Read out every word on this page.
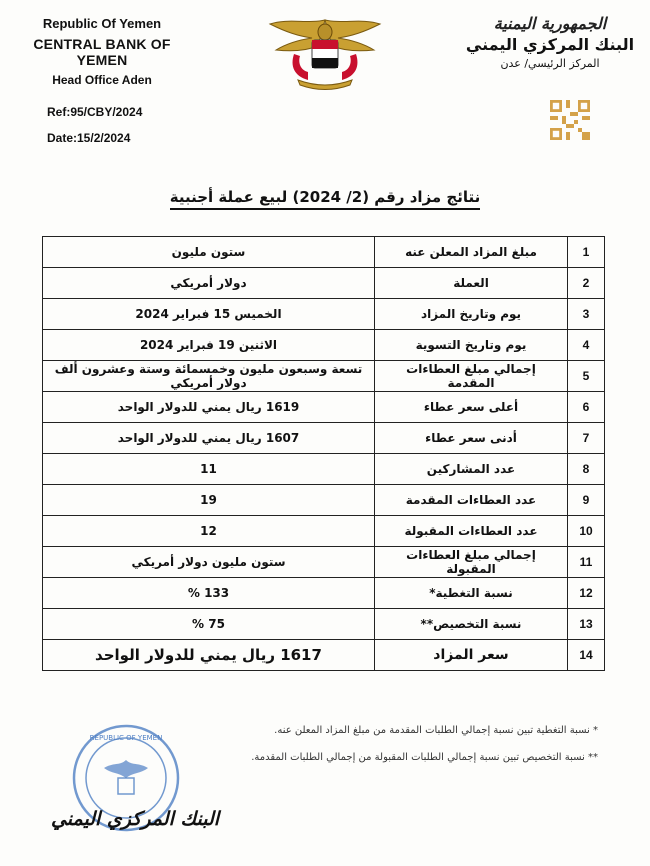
Republic Of Yemen
CENTRAL BANK OF YEMEN
Head Office Aden
Ref:95/CBY/2024
Date:15/2/2024
الجمهورية اليمنية
البنك المركزي اليمني
المركز الرئيسي/ عدن
نتائج مزاد رقم (2/ 2024) لبيع عملة أجنبية
1	مبلغ المزاد المعلن عنه	ستون مليون
2	العملة	دولار أمريكي
3	يوم وتاريخ المزاد	الخميس 15 فبراير 2024
4	يوم وتاريخ التسوية	الاثنين 19 فبراير 2024
5	إجمالي مبلغ العطاءات المقدمة	تسعة وسبعون مليون وخمسمائة وستة وعشرون ألف دولار أمريكي
6	أعلى سعر عطاء	1619 ريال يمني للدولار الواحد
7	أدنى سعر عطاء	1607 ريال يمني للدولار الواحد
8	عدد المشاركين	11
9	عدد العطاءات المقدمة	19
10	عدد العطاءات المقبولة	12
11	إجمالي مبلغ العطاءات المقبولة	ستون مليون دولار أمريكي
12	نسبة التغطية*	133 %
13	نسبة التخصيص**	75 %
14	سعر المزاد	1617 ريال يمني للدولار الواحد
* نسبة التغطية تبين نسبة إجمالي الطلبات المقدمة من مبلغ المزاد المعلن عنه.
** نسبة التخصيص تبين نسبة إجمالي الطلبات المقبولة من إجمالي الطلبات المقدمة.
REPUBLIC OF YEMEN
البنك المركزي اليمني
